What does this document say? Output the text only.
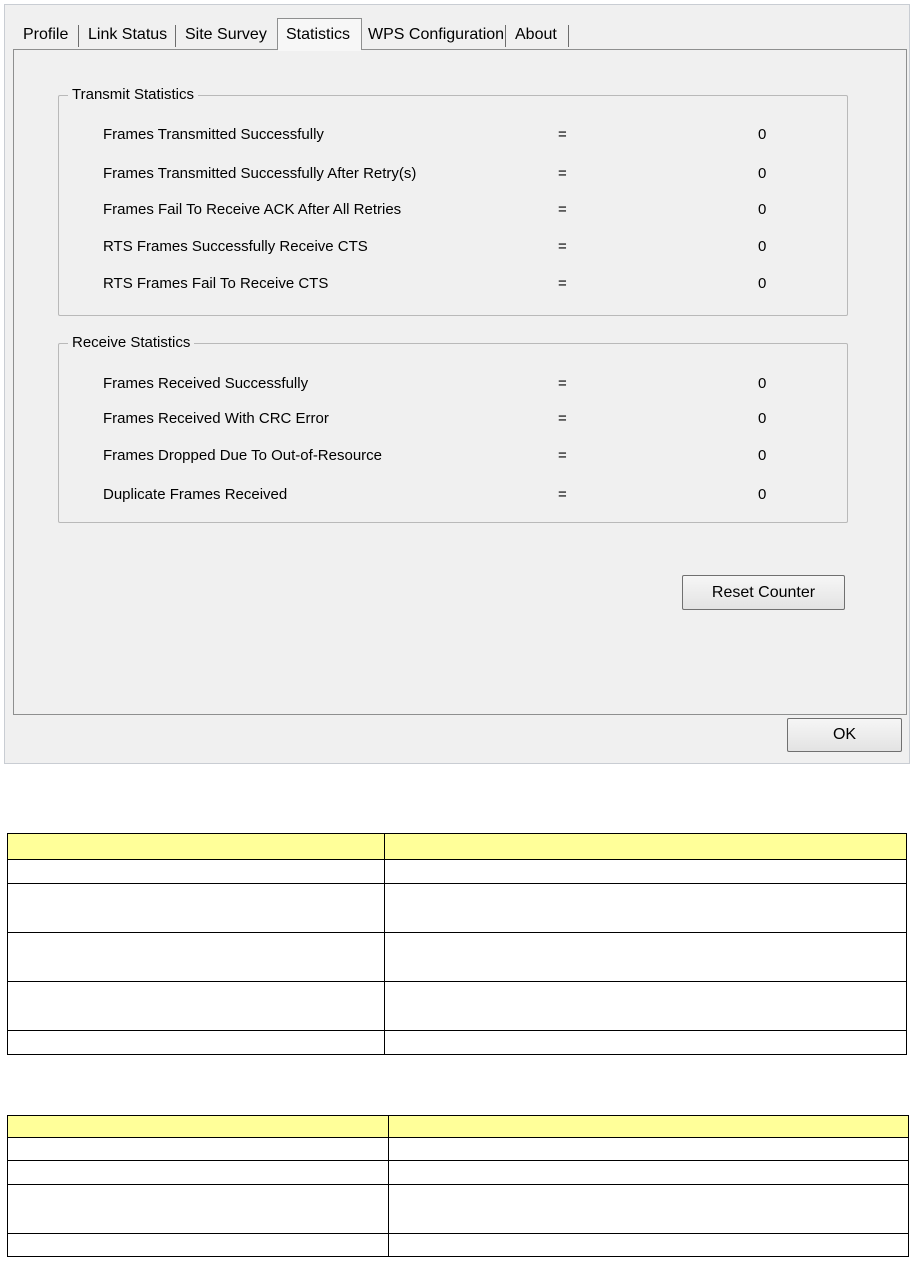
Profile	Link Status	Site Survey	Statistics	WPS Configuration About
Transmit Statistics
Frames Transmitted Successfully	=	0
Frames Transmitted Successfully After Retry(s)	=	0
Frames Fail To Receive ACK After All Retries	=	0
RTS Frames Successfully Receive CTS	=	0
RTS Frames Fail To Receive CTS	=	0
Receive Statistics
Frames Received Successfully	=	0
Frames Received With CRC Error	=	0
Frames Dropped Due To Out-of-Resource	=	0
Duplicate Frames Received	=	0
Reset Counter
OK
